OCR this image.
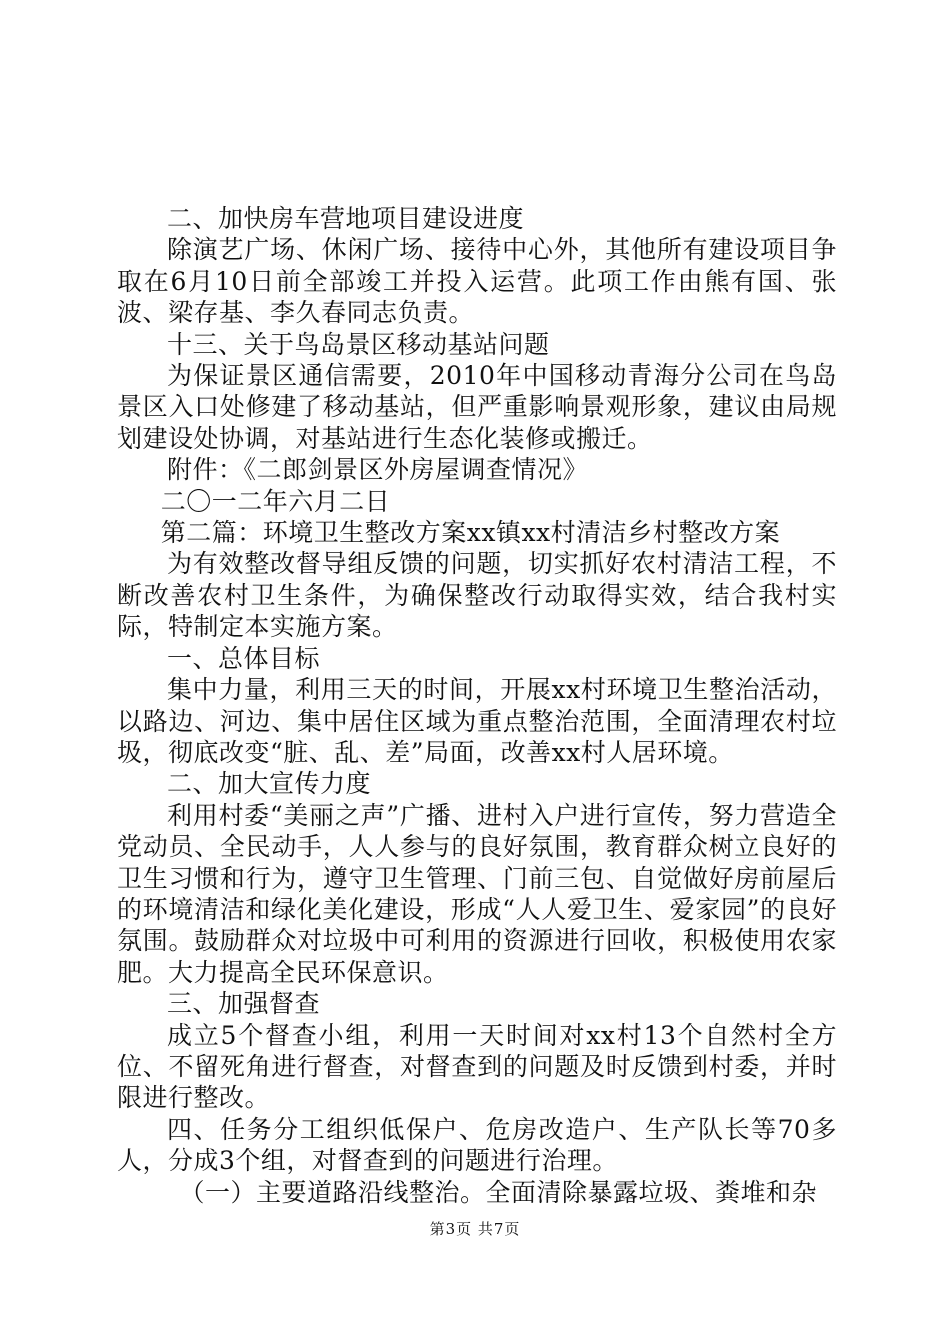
二、加快房车营地项目建设进度

除演艺广场、休闲广场、接待中心外，其他所有建设项目争取在6月10日前全部竣工并投入运营。此项工作由熊有国、张波、梁存基、李久春同志负责。

十三、关于鸟岛景区移动基站问题

为保证景区通信需要，2010年中国移动青海分公司在鸟岛景区入口处修建了移动基站，但严重影响景观形象，建议由局规划建设处协调，对基站进行生态化装修或搬迁。

附件：《二郎剑景区外房屋调查情况》

二〇一二年六月二日

第二篇：环境卫生整改方案xx镇xx村清洁乡村整改方案

为有效整改督导组反馈的问题，切实抓好农村清洁工程，不断改善农村卫生条件，为确保整改行动取得实效，结合我村实际，特制定本实施方案。

一、总体目标

集中力量，利用三天的时间，开展xx村环境卫生整治活动，以路边、河边、集中居住区域为重点整治范围，全面清理农村垃圾，彻底改变“脏、乱、差”局面，改善xx村人居环境。

二、加大宣传力度

利用村委“美丽之声”广播、进村入户进行宣传，努力营造全党动员、全民动手，人人参与的良好氛围，教育群众树立良好的卫生习惯和行为，遵守卫生管理、门前三包、自觉做好房前屋后的环境清洁和绿化美化建设，形成“人人爱卫生、爱家园”的良好氛围。鼓励群众对垃圾中可利用的资源进行回收，积极使用农家肥。大力提高全民环保意识。

三、加强督查

成立5个督查小组，利用一天时间对xx村13个自然村全方位、不留死角进行督查，对督查到的问题及时反馈到村委，并时限进行整改。

四、任务分工组织低保户、危房改造户、生产队长等70多人，分成3个组，对督查到的问题进行治理。

（一）主要道路沿线整治。全面清除暴露垃圾、粪堆和杂

第3页 共7页
